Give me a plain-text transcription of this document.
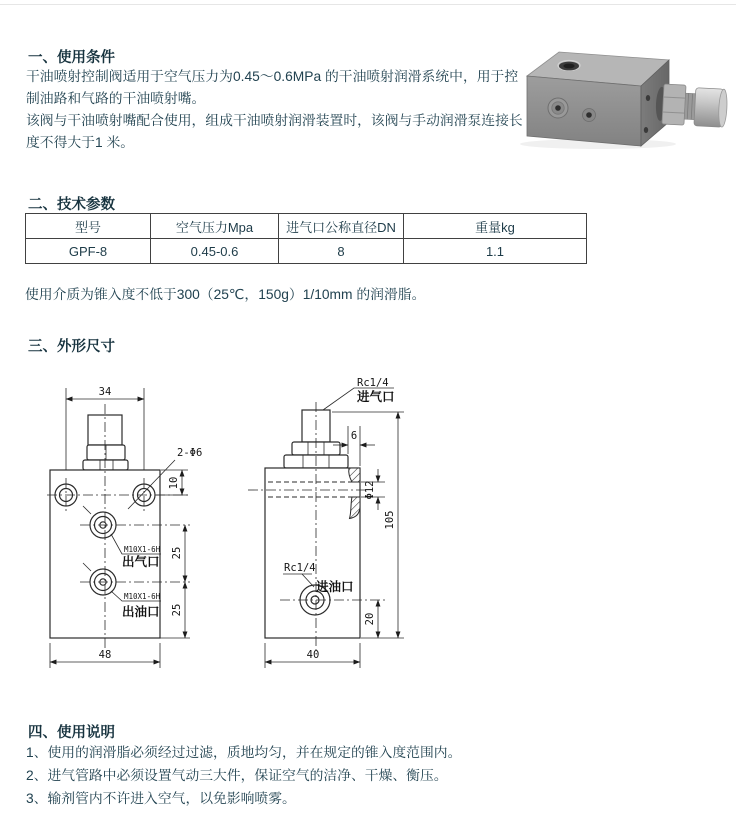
一、使用条件

干油喷射控制阀适用于空气压力为0.45～0.6MPa 的干油喷射润滑系统中，用于控制油路和气路的干油喷射嘴。

该阀与干油喷射嘴配合使用，组成干油喷射润滑装置时，该阀与手动润滑泵连接长度不得大于1 米。

二、技术参数
型号	空气压力Mpa	进气口公称直径DN	重量kg
GPF-8	0.45-0.6	8	1.1
使用介质为锥入度不低于300（25℃，150g）1/10mm 的润滑脂。
三、外形尺寸
34
2-Φ6
10
M10X1-6H
出气口
M10X1-6H
出油口
25
25
48
Rc1/4
进气口
6
Φ12
105
Rc1/4
进油口
20
40
四、使用说明
1、使用的润滑脂必须经过过滤，质地均匀，并在规定的锥入度范围内。
2、进气管路中必须设置气动三大件，保证空气的洁净、干燥、衡压。
3、输剂管内不许进入空气，以免影响喷雾。
